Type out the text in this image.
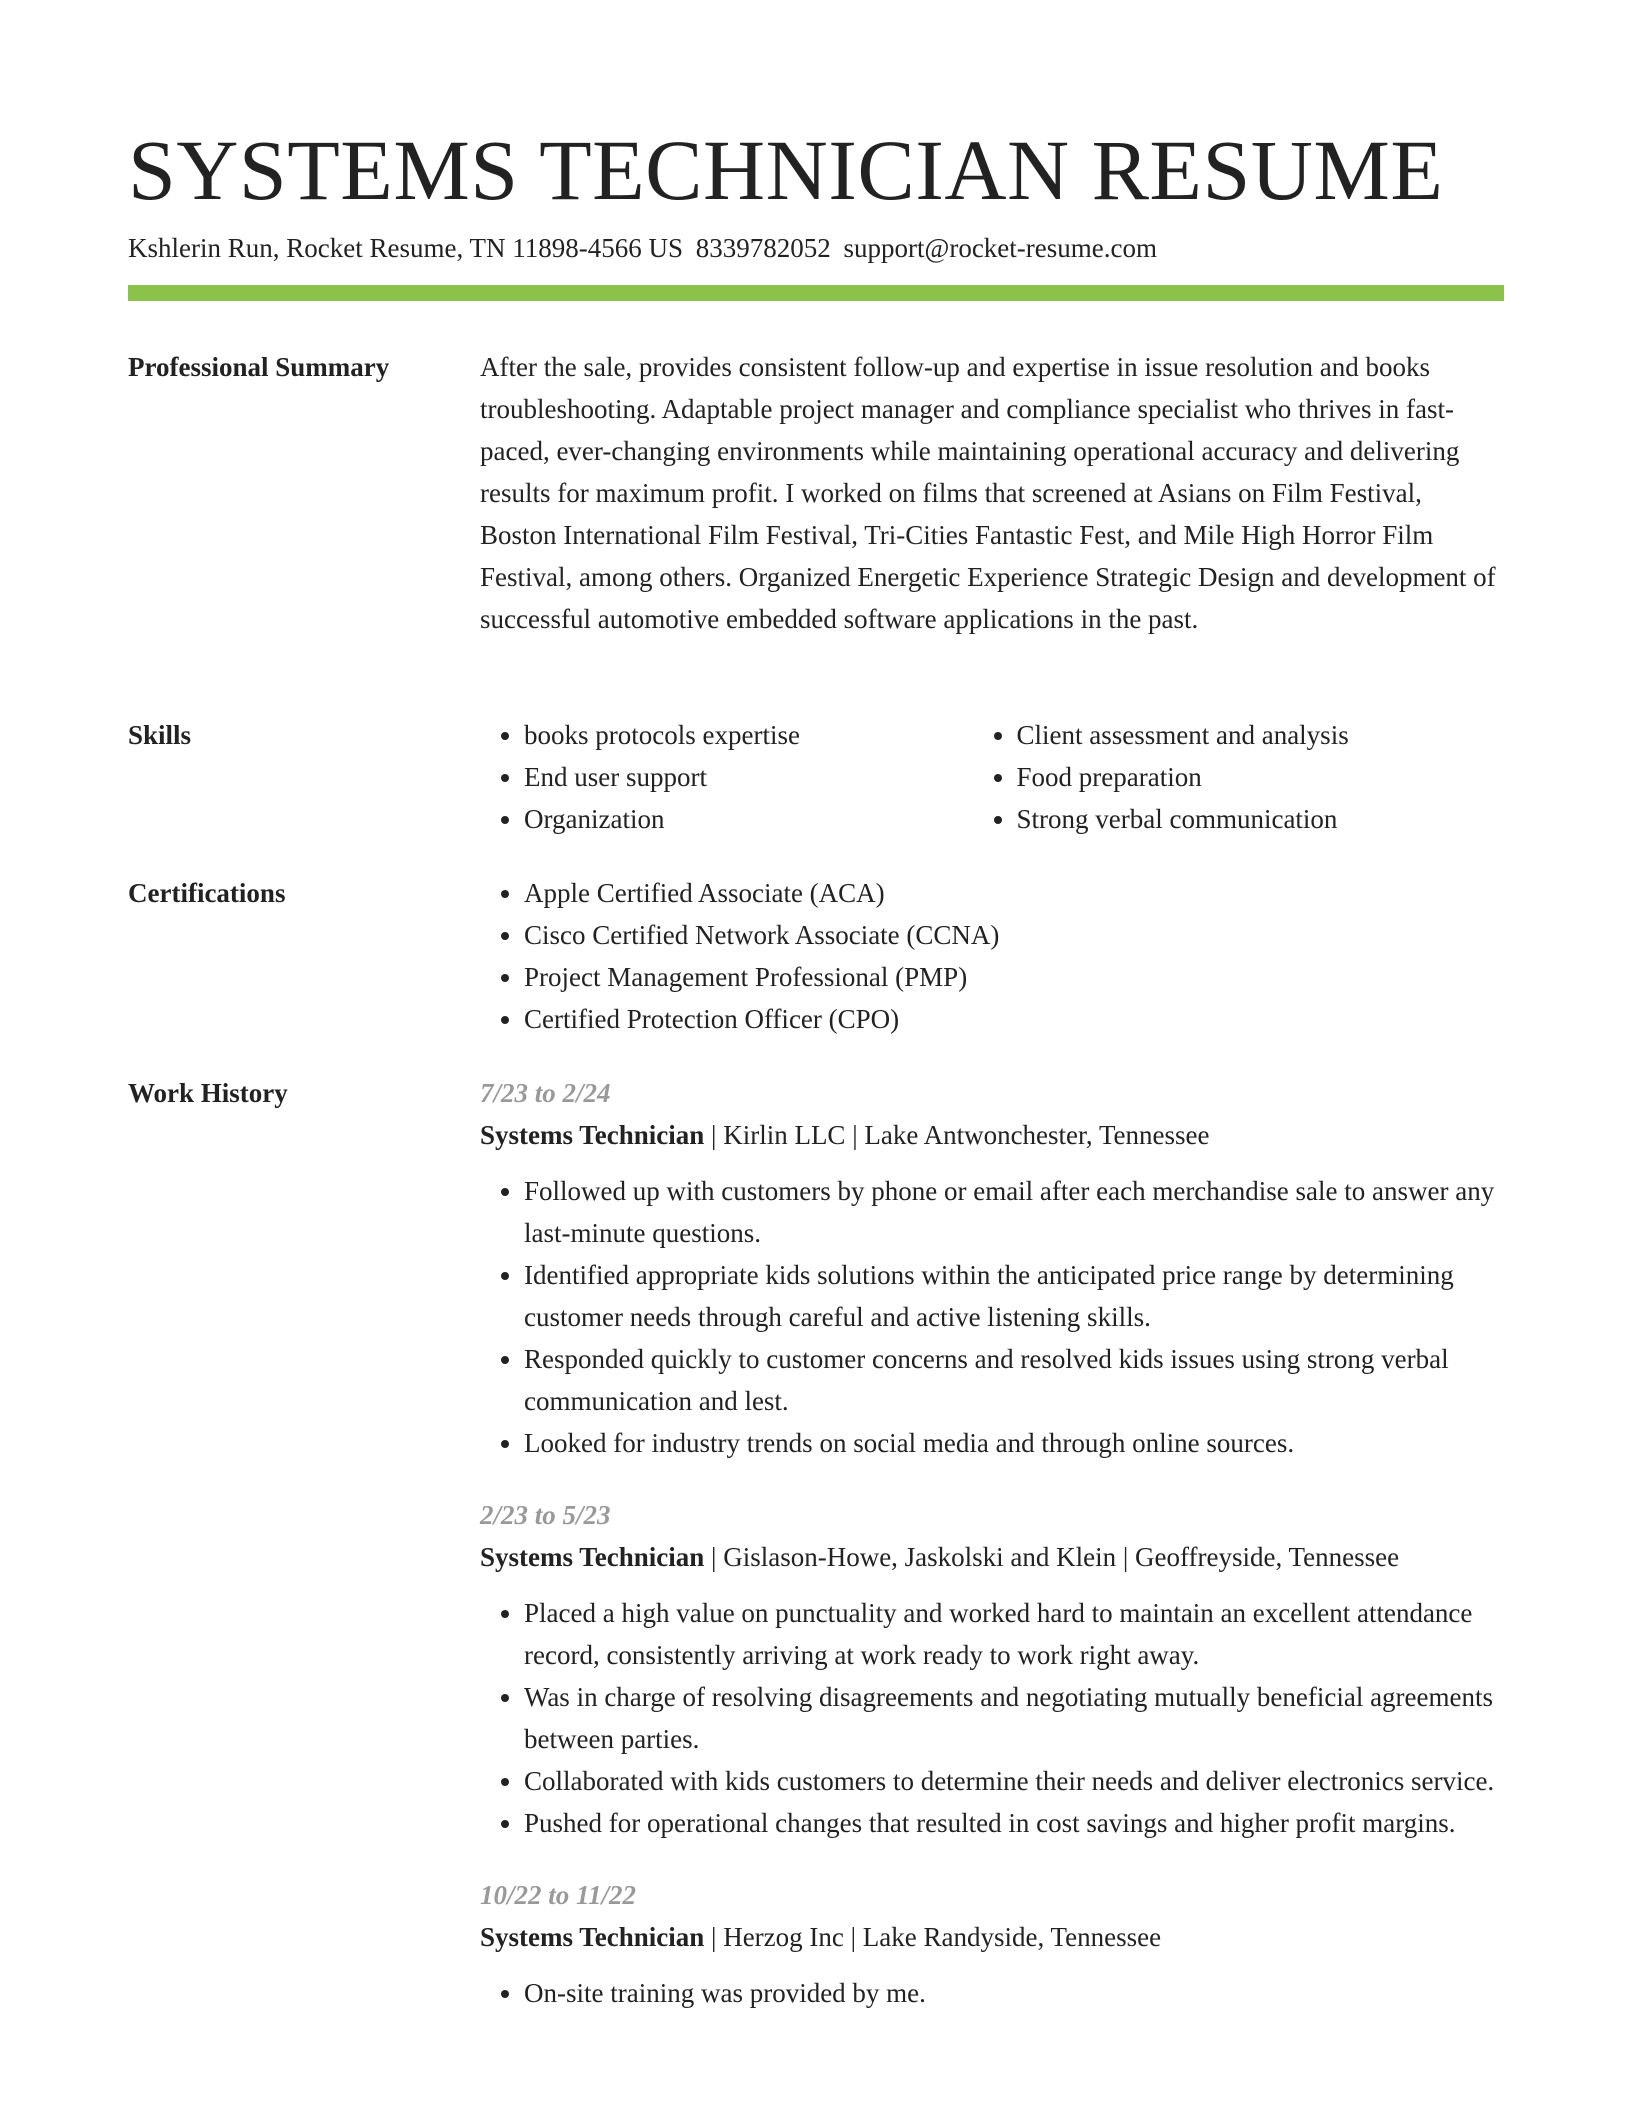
SYSTEMS TECHNICIAN RESUME
Kshlerin Run, Rocket Resume, TN 11898-4566 US 8339782052 support@rocket-resume.com
Professional Summary	After the sale, provides consistent follow-up and expertise in issue resolution and books troubleshooting. Adaptable project manager and compliance specialist who thrives in fast-paced, ever-changing environments while maintaining operational accuracy and delivering results for maximum profit. I worked on films that screened at Asians on Film Festival, Boston International Film Festival, Tri-Cities Fantastic Fest, and Mile High Horror Film Festival, among others. Organized Energetic Experience Strategic Design and development of successful automotive embedded software applications in the past.

Skills	• books protocols expertise
• End user support
• Organization
• Client assessment and analysis
• Food preparation
• Strong verbal communication
Certifications	• Apple Certified Associate (ACA)
• Cisco Certified Network Associate (CCNA)
• Project Management Professional (PMP)
• Certified Protection Officer (CPO)
Work History	7/23 to 2/24
Systems Technician | Kirlin LLC | Lake Antwonchester, Tennessee
• Followed up with customers by phone or email after each merchandise sale to answer any last-minute questions.
• Identified appropriate kids solutions within the anticipated price range by determining customer needs through careful and active listening skills.
• Responded quickly to customer concerns and resolved kids issues using strong verbal communication and lest.
• Looked for industry trends on social media and through online sources.
2/23 to 5/23
Systems Technician | Gislason-Howe, Jaskolski and Klein | Geoffreyside, Tennessee
• Placed a high value on punctuality and worked hard to maintain an excellent attendance record, consistently arriving at work ready to work right away.
• Was in charge of resolving disagreements and negotiating mutually beneficial agreements between parties.
• Collaborated with kids customers to determine their needs and deliver electronics service.
• Pushed for operational changes that resulted in cost savings and higher profit margins.
10/22 to 11/22
Systems Technician | Herzog Inc | Lake Randyside, Tennessee
• On-site training was provided by me.
